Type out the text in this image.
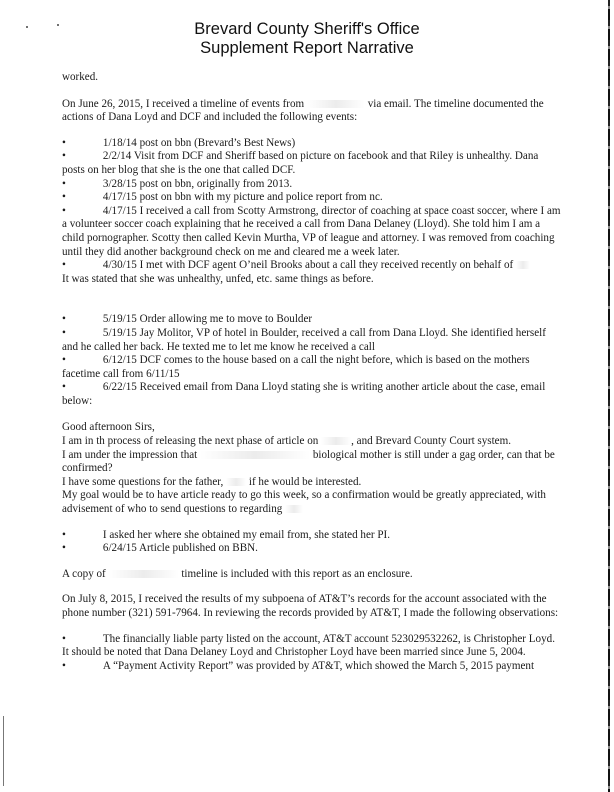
Brevard County Sheriff's Office
Supplement Report Narrative

worked.

On June 26, 2015, I received a timeline of events from	via email. The timeline documented the actions of Dana Loyd and DCF and included the following events:

•	1/18/14 post on bbn (Brevard’s Best News)

•	2/2/14 Visit from DCF and Sheriff based on picture on facebook and that Riley is unhealthy. Dana posts on her blog that she is the one that called DCF.

•	3/28/15 post on bbn, originally from 2013.

•	4/17/15 post on bbn with my picture and police report from nc.

•	4/17/15 I received a call from Scotty Armstrong, director of coaching at space coast soccer, where I am a volunteer soccer coach explaining that he received a call from Dana Delaney (Lloyd). She told him I am a child pornographer. Scotty then called Kevin Murtha, VP of league and attorney. I was removed from coaching until they did another background check on me and cleared me a week later.

•	4/30/15 I met with DCF agent O’neil Brooks about a call they received recently on behalf of

It was stated that she was unhealthy, unfed, etc. same things as before.

•	5/19/15 Order allowing me to move to Boulder

•	5/19/15 Jay Molitor, VP of hotel in Boulder, received a call from Dana Lloyd. She identified herself and he called her back. He texted me to let me know he received a call

•	6/12/15 DCF comes to the house based on a call the night before, which is based on the mothers facetime call from 6/11/15

•	6/22/15 Received email from Dana Lloyd stating she is writing another article about the case, email below:

Good afternoon Sirs,

I am in th process of releasing the next phase of article on	, and Brevard County Court system.

I am under the impression that	biological mother is still under a gag order, can that be confirmed?

I have some questions for the father, if he would be interested.

My goal would be to have article ready to go this week, so a confirmation would be greatly appreciated, with advisement of who to send questions to regarding

•	I asked her where she obtained my email from, she stated her PI.

•	6/24/15 Article published on BBN.

A copy of	timeline is included with this report as an enclosure.

On July 8, 2015, I received the results of my subpoena of AT&T’s records for the account associated with the phone number (321) 591-7964. In reviewing the records provided by AT&T, I made the following observations:

•	The financially liable party listed on the account, AT&T account 523029532262, is Christopher Loyd. It should be noted that Dana Delaney Loyd and Christopher Loyd have been married since June 5, 2004.

•	A “Payment Activity Report” was provided by AT&T, which showed the March 5, 2015 payment
